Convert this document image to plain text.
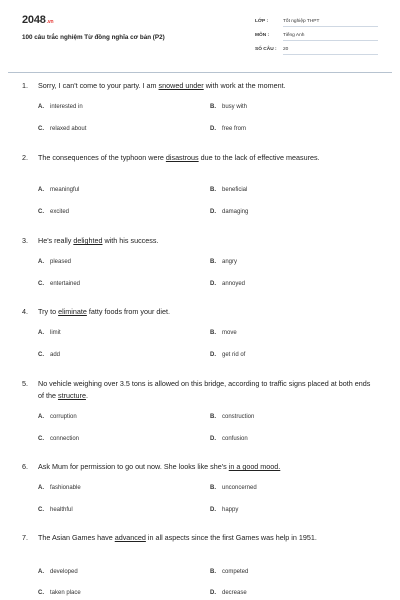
2048.vn
100 câu trắc nghiệm Từ đồng nghĩa cơ bản (P2)
LỚP :	Tốt nghiệp THPT
MÔN :	Tiếng Anh
SỐ CÂU : 20
1. Sorry, I can't come to your party. I am snowed under with work at the moment.
A. interested in	B. busy with
C. relaxed about	D. free from
2. The consequences of the typhoon were disastrous due to the lack of effective measures.
A. meaningful	B. beneficial
C. excited	D. damaging
3. He's really delighted with his success.
A. pleased	B. angry
C. entertained	D. annoyed
4. Try to eliminate fatty foods from your diet.
A. limit	B. move
C. add	D. get rid of
5. No vehicle weighing over 3.5 tons is allowed on this bridge, according to traffic signs placed at both ends of the structure.
A. corruption	B. construction
C. connection	D. confusion
6. Ask Mum for permission to go out now. She looks like she's in a good mood.
A. fashionable	B. unconcerned
C. healthful	D. happy
7. The Asian Games have advanced in all aspects since the first Games was help in 1951.
A. developed	B. competed
C. taken place	D. decrease
